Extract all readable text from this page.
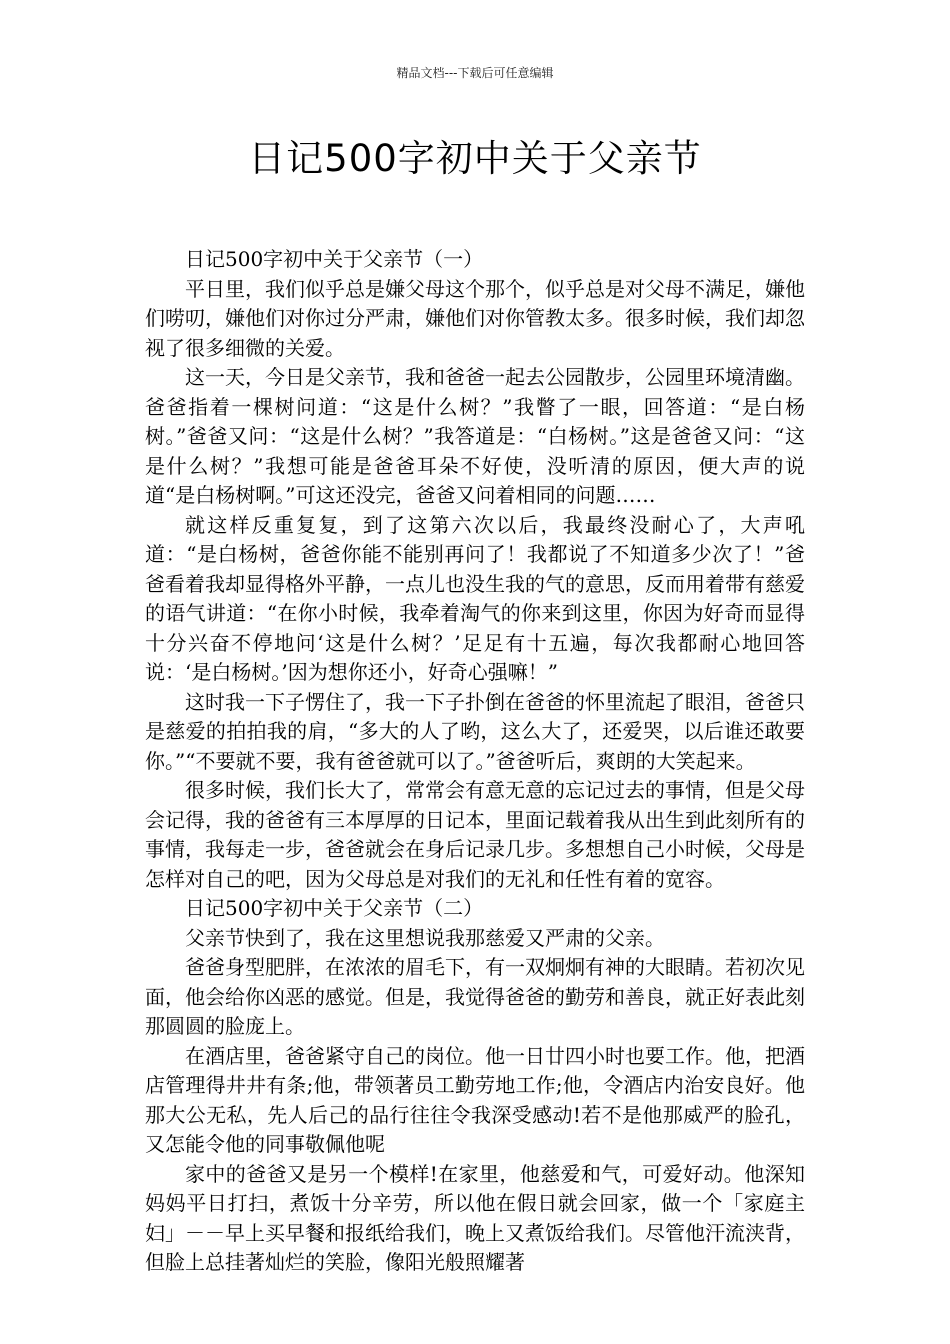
精品文档---下载后可任意编辑
日记500字初中关于父亲节

日记500字初中关于父亲节（一）

平日里，我们似乎总是嫌父母这个那个，似乎总是对父母不满足，嫌他们唠叨，嫌他们对你过分严肃，嫌他们对你管教太多。很多时候，我们却忽视了很多细微的关爱。

这一天，今日是父亲节，我和爸爸一起去公园散步，公园里环境清幽。爸爸指着一棵树问道：“这是什么树？”我瞥了一眼，回答道：“是白杨树。”爸爸又问：“这是什么树？”我答道是：“白杨树。”这是爸爸又问：“这是什么树？”我想可能是爸爸耳朵不好使，没听清的原因，便大声的说道“是白杨树啊。”可这还没完，爸爸又问着相同的问题……

就这样反重复复，到了这第六次以后，我最终没耐心了，大声吼道：“是白杨树，爸爸你能不能别再问了！我都说了不知道多少次了！”爸爸看着我却显得格外平静，一点儿也没生我的气的意思，反而用着带有慈爱的语气讲道：“在你小时候，我牵着淘气的你来到这里，你因为好奇而显得十分兴奋不停地问‘这是什么树？’足足有十五遍，每次我都耐心地回答说：‘是白杨树。’因为想你还小，好奇心强嘛！”

这时我一下子愣住了，我一下子扑倒在爸爸的怀里流起了眼泪，爸爸只是慈爱的拍拍我的肩，“多大的人了哟，这么大了，还爱哭，以后谁还敢要你。”“不要就不要，我有爸爸就可以了。”爸爸听后，爽朗的大笑起来。

很多时候，我们长大了，常常会有意无意的忘记过去的事情，但是父母会记得，我的爸爸有三本厚厚的日记本，里面记载着我从出生到此刻所有的事情，我每走一步，爸爸就会在身后记录几步。多想想自己小时候，父母是怎样对自己的吧，因为父母总是对我们的无礼和任性有着的宽容。

日记500字初中关于父亲节（二）

父亲节快到了，我在这里想说我那慈爱又严肃的父亲。

爸爸身型肥胖，在浓浓的眉毛下，有一双炯炯有神的大眼睛。若初次见面，他会给你凶恶的感觉。但是，我觉得爸爸的勤劳和善良，就正好表此刻那圆圆的脸庞上。

在酒店里，爸爸紧守自己的岗位。他一日廿四小时也要工作。他，把酒店管理得井井有条;他，带领著员工勤劳地工作;他，令酒店内治安良好。他那大公无私，先人后己的品行往往令我深受感动!若不是他那威严的脸孔，又怎能令他的同事敬佩他呢

家中的爸爸又是另一个模样!在家里，他慈爱和气，可爱好动。他深知妈妈平日打扫，煮饭十分辛劳，所以他在假日就会回家，做一个「家庭主妇」－－早上买早餐和报纸给我们，晚上又煮饭给我们。尽管他汗流浃背，但脸上总挂著灿烂的笑脸，像阳光般照耀著
